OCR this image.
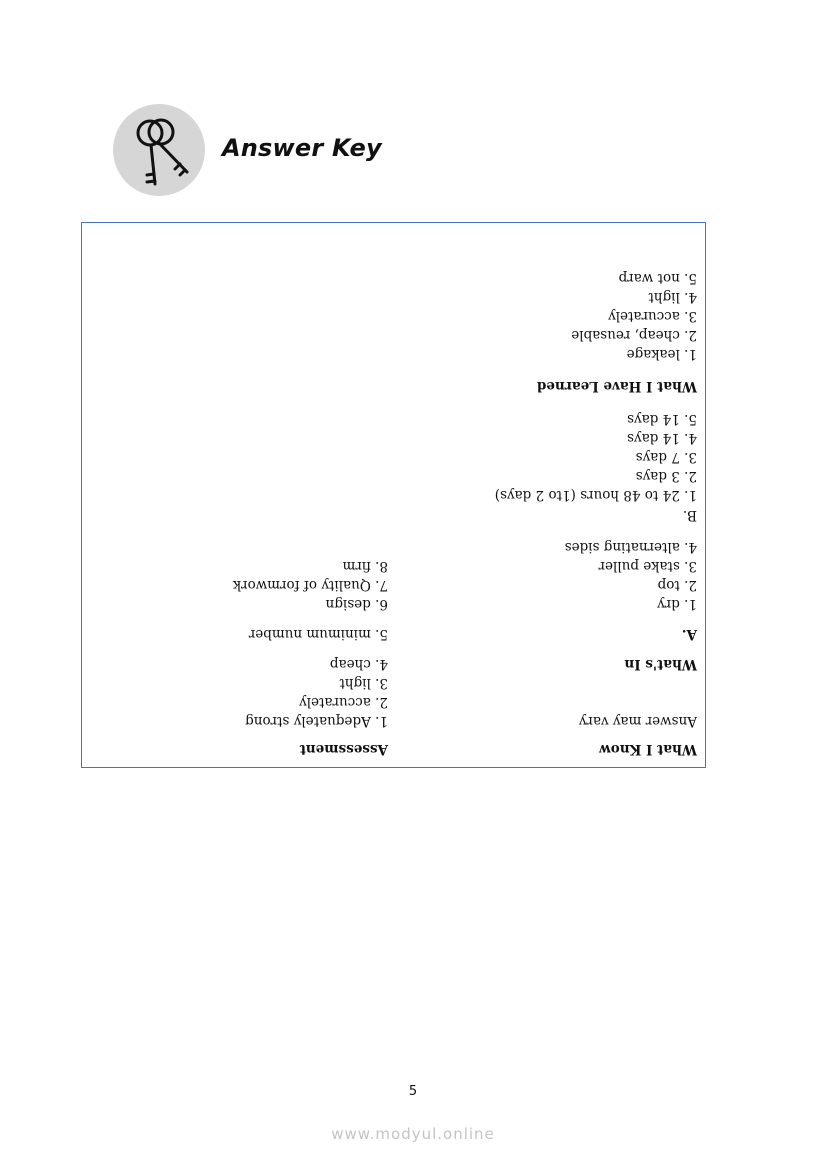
Answer Key
What I Know
Assessment
Answer may vary
1. Adequately strong
2. accurately
3. light
4. cheap	What's In
A.
5. minimum number
1. dry
6. design
2. top
7. Quality of formwork
3. stake puller
8. firm
4. alternating sides
B.
1. 24 to 48 hours (1to 2 days)
2. 3 days
3. 7 days
4. 14 days
5. 14 days
What I Have Learned
1. leakage
2. cheap, reusable
3. accurately
4. light
5. not warp
5
www.modyul.online
